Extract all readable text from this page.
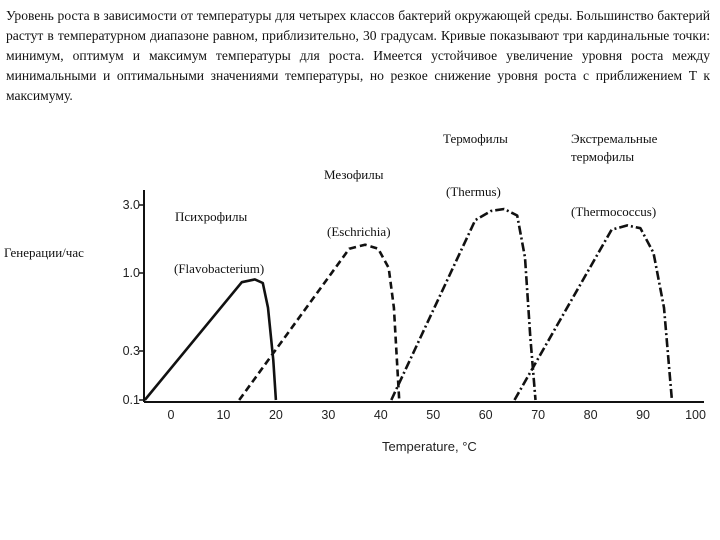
Уровень роста в зависимости от температуры для четырех классов бактерий окружающей среды. Большинство бактерий растут в температурном диапазоне равном, приблизительно, 30 градусам. Кривые показывают три кардинальные точки: минимум, оптимум и максимум температуры для роста. Имеется устойчивое увеличение уровня роста между минимальными и оптимальными значениями температуры, но резкое снижение уровня роста с приближением T к максимуму.
0	10	20	30	40	50	60	70	80	90	100
3.0
1.0
0.3
0.1
Психрофилы
(Flavobacterium)
Мезофилы
(Eschrichia)
Термофилы
(Thermus)
Экстремальные термофилы
(Thermococcus)
Генерации/час
Temperature, °C
